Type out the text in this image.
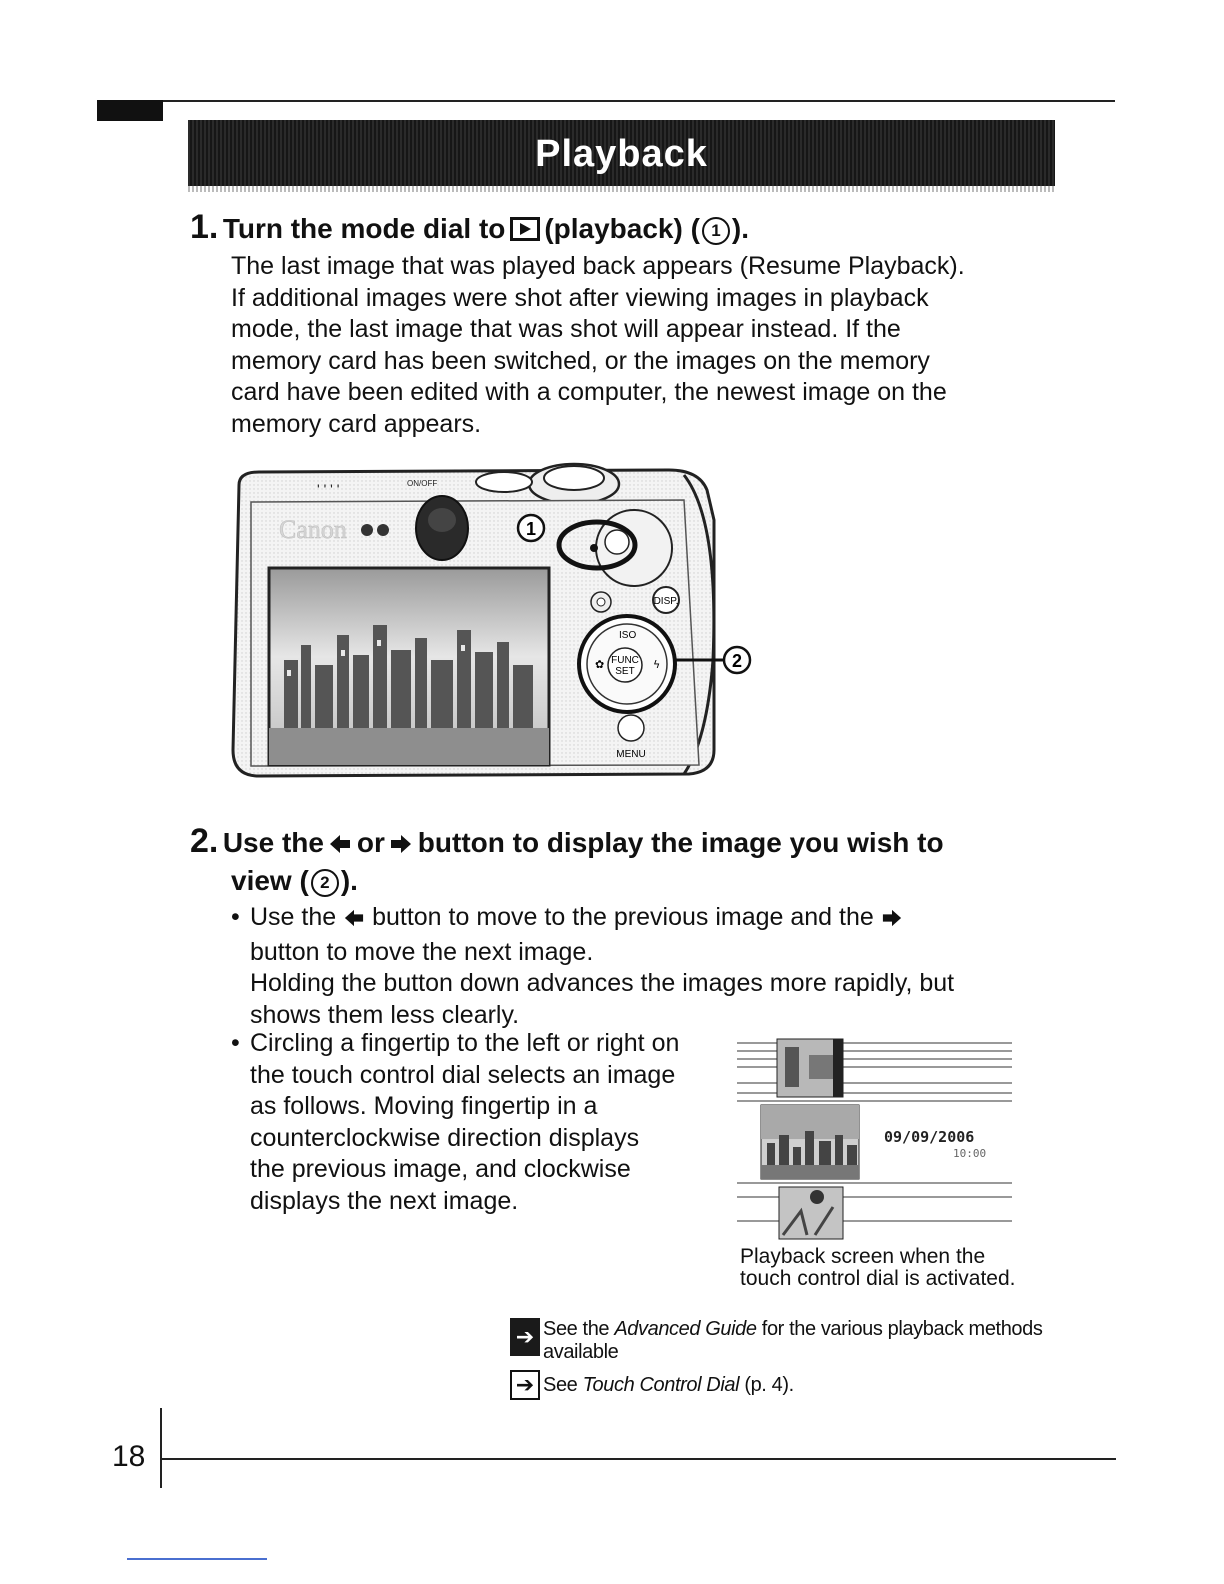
Playback
1. Turn the mode dial to (playback) ( 1 ).
The last image that was played back appears (Resume Playback).
If additional images were shot after viewing images in playback
mode, the last image that was shot will appear instead. If the
memory card has been switched, or the images on the memory
card have been edited with a computer, the newest image on the
memory card appears.
ON/OFF
' ' ' '
Canon	1
DISP.
FUNC
SET
ISO
✿	ϟ	2
MENU
2. Use the or button to display the image you wish to
view ( 2 ).
• Use the button to move to the previous image and the
button to move the next image.
Holding the button down advances the images more rapidly, but
shows them less clearly.
• Circling a fingertip to the left or right on
the touch control dial selects an image
as follows. Moving fingertip in a
counterclockwise direction displays
the previous image, and clockwise
displays the next image.
09/09/2006
10:00
Playback screen when the
touch control dial is activated.
➔ See the Advanced Guide for the various playback methods
available
➔ See Touch Control Dial (p. 4).
18
